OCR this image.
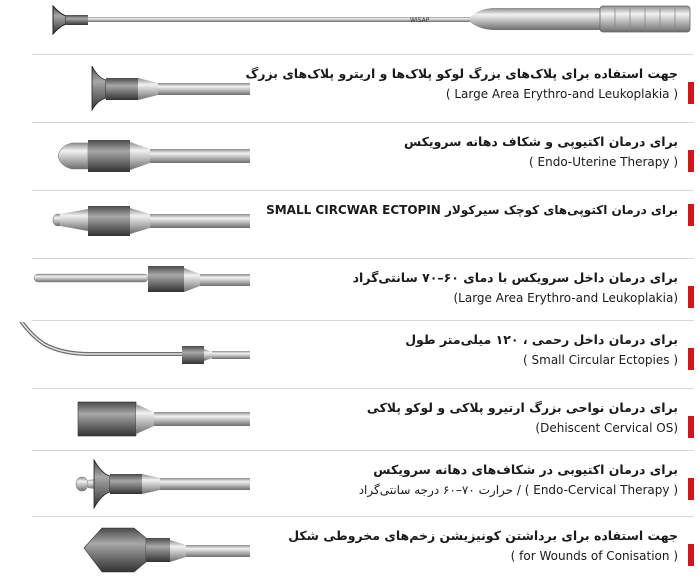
WISAP
جهت استفاده برای پلاک‌های بزرگ لوکو پلاک‌ها و اریترو پلاک‌های بزرگ
( Large Area Erythro-and Leukoplakia )
برای درمان اکتیوپی و شکاف دهانه سرویکس
( Endo-Uterine Therapy )
برای درمان اکتوپی‌های کوچک سیرکولار SMALL CIRCWAR ECTOPIN
برای درمان داخل سرویکس با دمای ۶۰–۷۰ سانتی‌گراد
(Large Area Erythro-and Leukoplakia)
برای درمان داخل رحمی ، ۱۲۰ میلی‌متر طول
( Small Circular Ectopies )
برای درمان نواحی بزرگ ارتیرو پلاکی و لوکو پلاکی
(Dehiscent Cervical OS)
برای درمان اکتیوبی در شکاف‌های دهانه سرویکس
( Endo-Cervical Therapy ) / حرارت ۷۰–۶۰ درجه سانتی‌گراد
جهت استفاده برای برداشتن کونیزیشن زخم‌های مخروطی شکل
( for Wounds of Conisation )
